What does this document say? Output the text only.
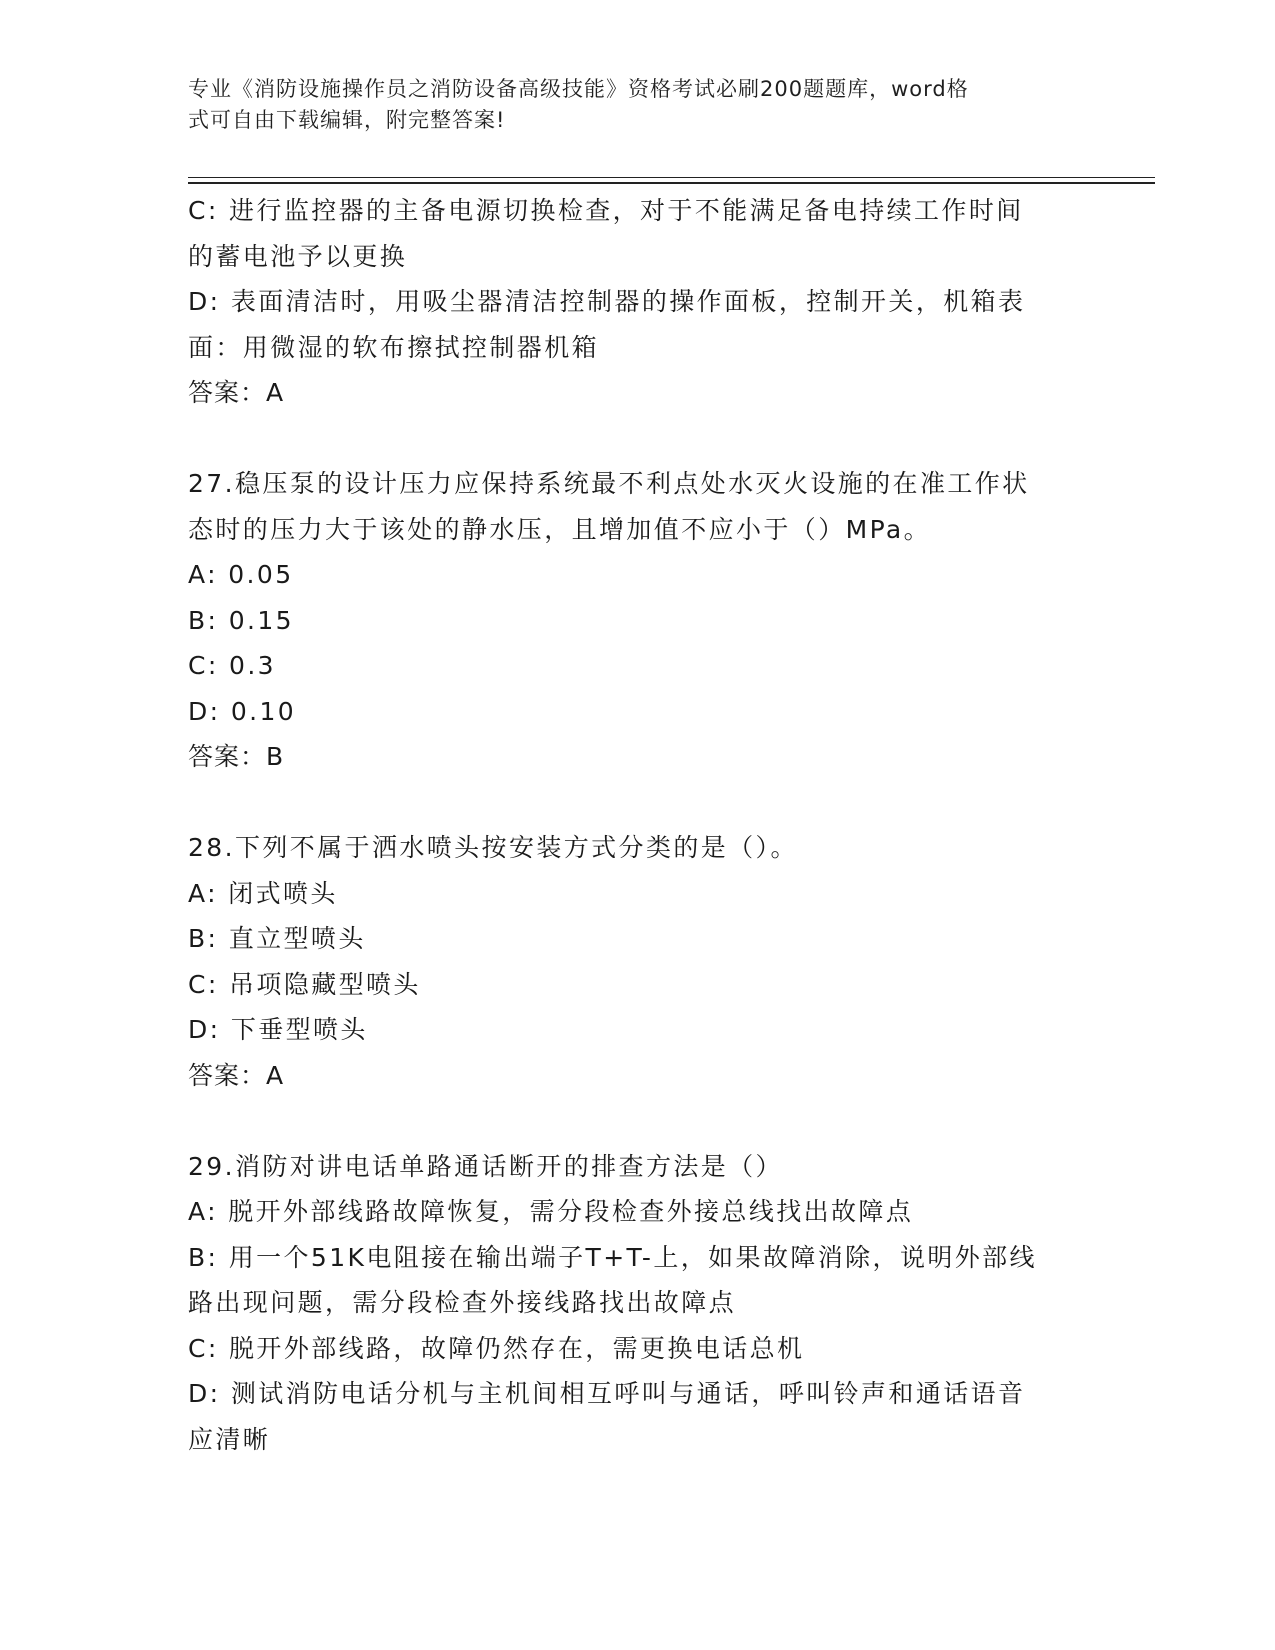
专业《消防设施操作员之消防设备高级技能》资格考试必刷200题题库，word格
式可自由下载编辑，附完整答案!
C: 进行监控器的主备电源切换检查，对于不能满足备电持续工作时间
的蓄电池予以更换
D: 表面清洁时，用吸尘器清洁控制器的操作面板，控制开关，机箱表
面：用微湿的软布擦拭控制器机箱
答案：A
27.稳压泵的设计压力应保持系统最不利点处水灭火设施的在准工作状
态时的压力大于该处的静水压，且增加值不应小于（）MPa。
A: 0.05
B: 0.15
C: 0.3
D: 0.10
答案：B
28.下列不属于洒水喷头按安装方式分类的是（）。
A: 闭式喷头
B: 直立型喷头
C: 吊项隐藏型喷头
D: 下垂型喷头
答案：A
29.消防对讲电话单路通话断开的排查方法是（）
A: 脱开外部线路故障恢复，需分段检查外接总线找出故障点
B: 用一个51K电阻接在输出端子T+T-上，如果故障消除，说明外部线
路出现问题，需分段检查外接线路找出故障点
C: 脱开外部线路，故障仍然存在，需更换电话总机
D: 测试消防电话分机与主机间相互呼叫与通话，呼叫铃声和通话语音
应清晰
